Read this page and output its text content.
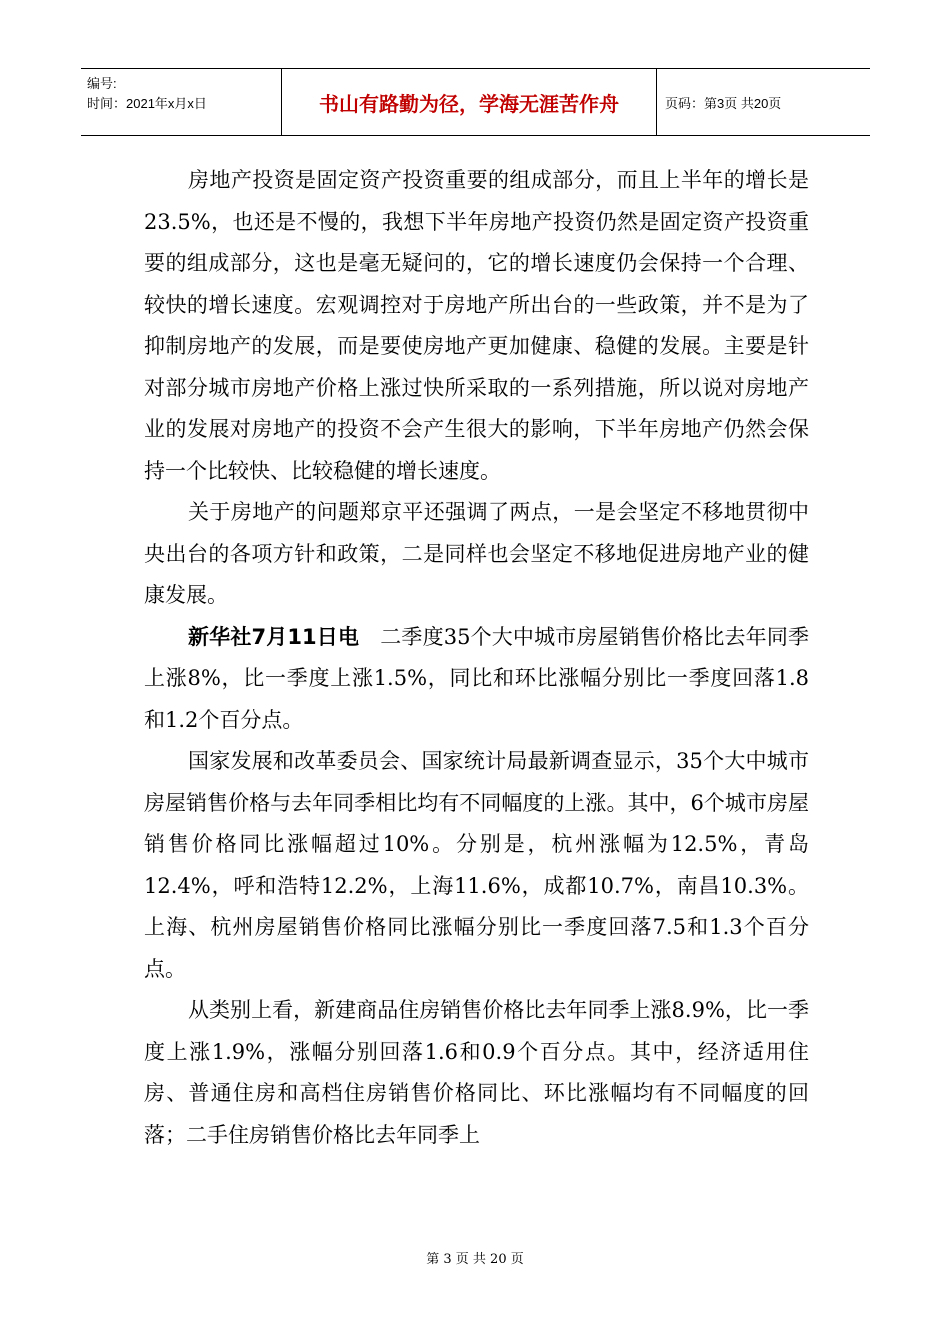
编号:
时间：2021年x月x日	书山有路勤为径，学海无涯苦作舟	页码：第3页 共20页

房地产投资是固定资产投资重要的组成部分，而且上半年的增长是23.5%，也还是不慢的，我想下半年房地产投资仍然是固定资产投资重要的组成部分，这也是毫无疑问的，它的增长速度仍会保持一个合理、较快的增长速度。宏观调控对于房地产所出台的一些政策，并不是为了抑制房地产的发展，而是要使房地产更加健康、稳健的发展。主要是针对部分城市房地产价格上涨过快所采取的一系列措施，所以说对房地产业的发展对房地产的投资不会产生很大的影响，下半年房地产仍然会保持一个比较快、比较稳健的增长速度。

关于房地产的问题郑京平还强调了两点，一是会坚定不移地贯彻中央出台的各项方针和政策，二是同样也会坚定不移地促进房地产业的健康发展。

新华社7月11日电　二季度35个大中城市房屋销售价格比去年同季上涨8%，比一季度上涨1.5%，同比和环比涨幅分别比一季度回落1.8和1.2个百分点。

国家发展和改革委员会、国家统计局最新调查显示，35个大中城市房屋销售价格与去年同季相比均有不同幅度的上涨。其中，6个城市房屋销售价格同比涨幅超过10%。分别是，杭州涨幅为12.5%，青岛12.4%，呼和浩特12.2%，上海11.6%，成都10.7%，南昌10.3%。上海、杭州房屋销售价格同比涨幅分别比一季度回落7.5和1.3个百分点。

从类别上看，新建商品住房销售价格比去年同季上涨8.9%，比一季度上涨1.9%，涨幅分别回落1.6和0.9个百分点。其中，经济适用住房、普通住房和高档住房销售价格同比、环比涨幅均有不同幅度的回落；二手住房销售价格比去年同季上

第 3 页 共 20 页
